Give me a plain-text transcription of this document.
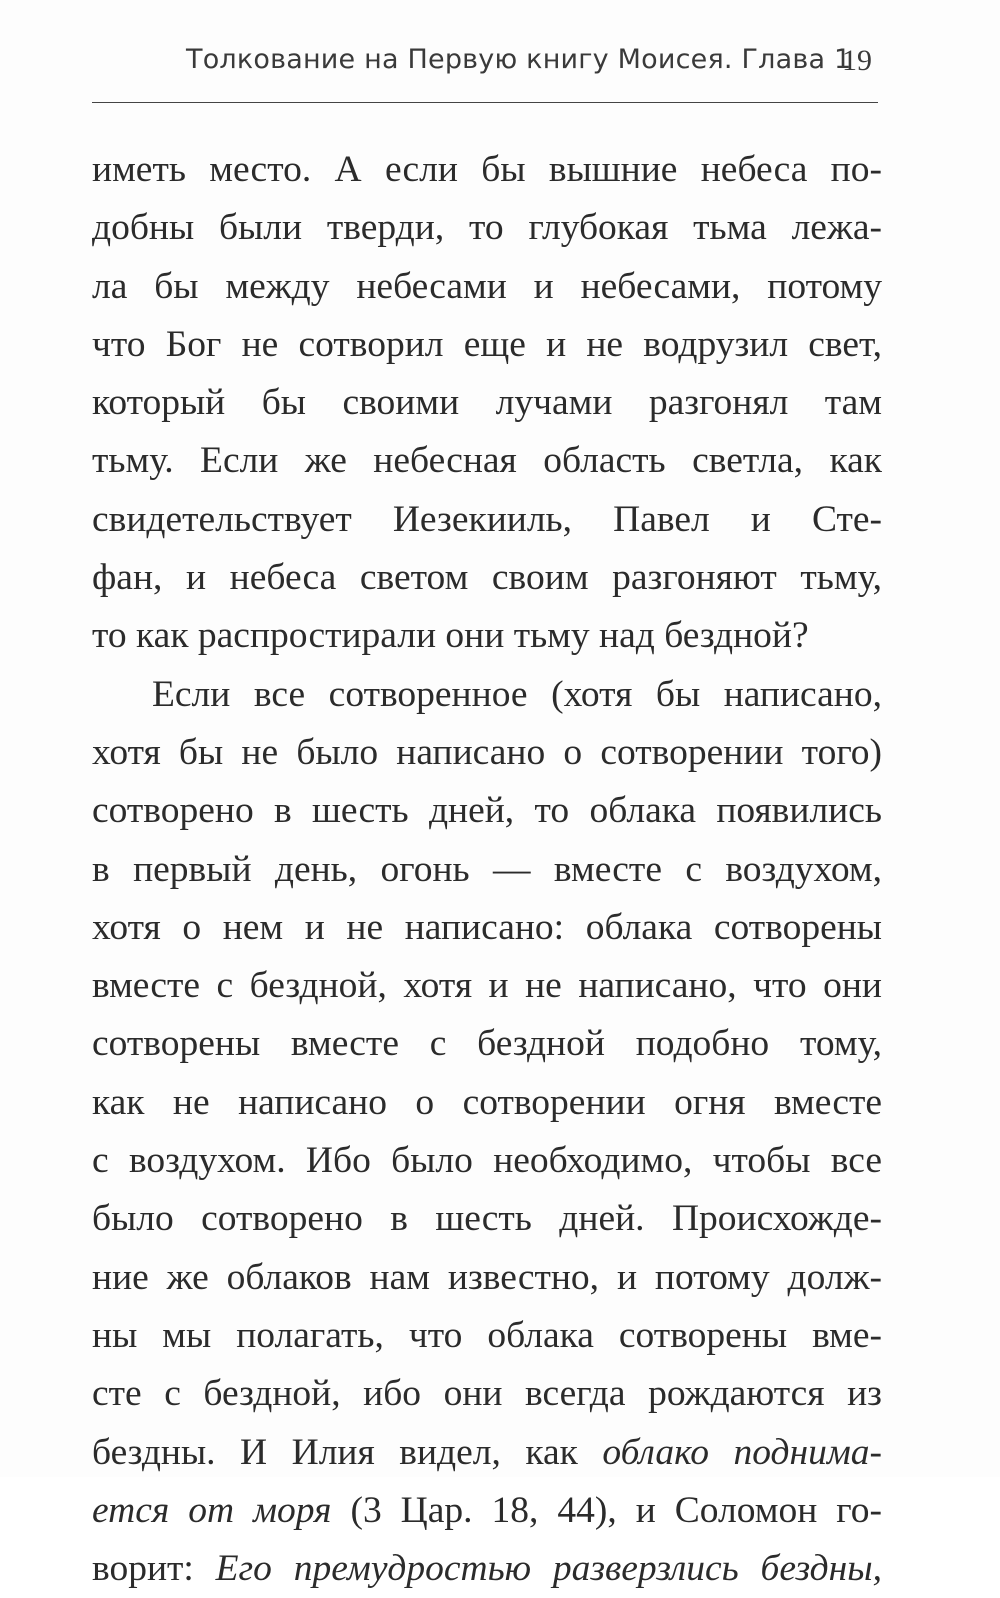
Толкование на Первую книгу Моисея. Глава 1
19
иметь место. А если бы вышние небеса по-
добны были тверди, то глубокая тьма лежа-
ла бы между небесами и небесами, потому
что Бог не сотворил еще и не водрузил свет,
который бы своими лучами разгонял там
тьму. Если же небесная область светла, как
свидетельствует Иезекииль, Павел и Сте-
фан, и небеса светом своим разгоняют тьму,
то как распростирали они тьму над бездной?
Если все сотворенное (хотя бы написано,
хотя бы не было написано о сотворении того)
сотворено в шесть дней, то облака появились
в первый день, огонь — вместе с воздухом,
хотя о нем и не написано: облака сотворены
вместе с бездной, хотя и не написано, что они
сотворены вместе с бездной подобно тому,
как не написано о сотворении огня вместе
с воздухом. Ибо было необходимо, чтобы все
было сотворено в шесть дней. Происхожде-
ние же облаков нам известно, и потому долж-
ны мы полагать, что облака сотворены вме-
сте с бездной, ибо они всегда рождаются из
бездны. И Илия видел, как облако поднима-
ется от моря (3 Цар. 18, 44), и Соломон го-
ворит: Его премудростью разверзлись бездны,
